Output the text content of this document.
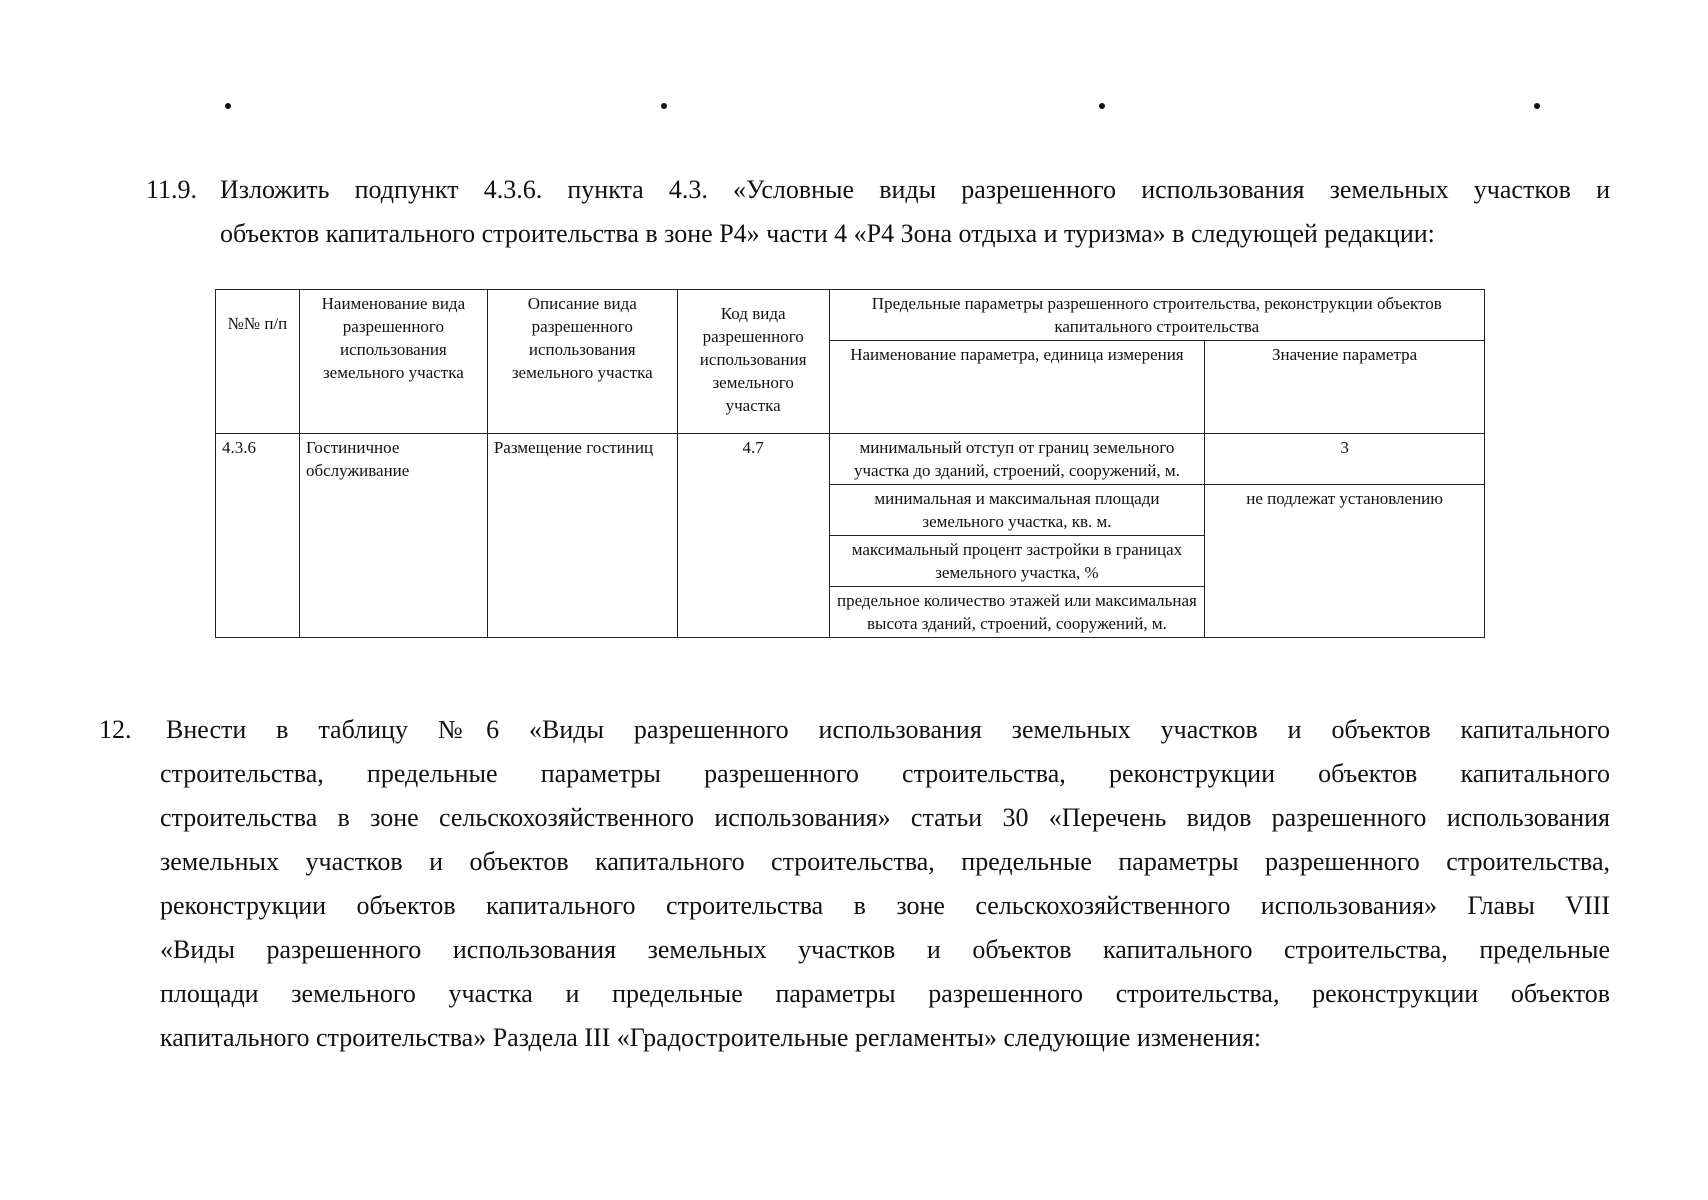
11.9. Изложить подпункт 4.3.6. пункта 4.3. «Условные виды разрешенного использования земельных участков и
объектов капитального строительства в зоне Р4» части 4 «Р4 Зона отдыха и туризма» в следующей редакции:
№№ п/п	Наименование вида разрешенного использования земельного участка	Описание вида разрешенного использования земельного участка	Код вида разрешенного использования земельного участка	Предельные параметры разрешенного строительства, реконструкции объектов капитального строительства	
				Наименование параметра, единица измерения	Значение параметра
4.3.6	Гостиничное обслуживание	Размещение гостиниц	4.7	минимальный отступ от границ земельного участка до зданий, строений, сооружений, м.	3
				минимальная и максимальная площади земельного участка, кв. м.	не подлежат установлению
				максимальный процент застройки в границах земельного участка, %	
				предельное количество этажей или максимальная высота зданий, строений, сооружений, м.	
12. Внести в таблицу №6 «Виды разрешенного использования земельных участков и объектов капитального
строительства, предельные параметры разрешенного строительства, реконструкции объектов капитального
строительства в зоне сельскохозяйственного использования» статьи 30 «Перечень видов разрешенного использования
земельных участков и объектов капитального строительства, предельные параметры разрешенного строительства,
реконструкции объектов капитального строительства в зоне сельскохозяйственного использования» Главы VIII
«Виды разрешенного использования земельных участков и объектов капитального строительства, предельные
площади земельного участка и предельные параметры разрешенного строительства, реконструкции объектов
капитального строительства» Раздела III «Градостроительные регламенты» следующие изменения:
